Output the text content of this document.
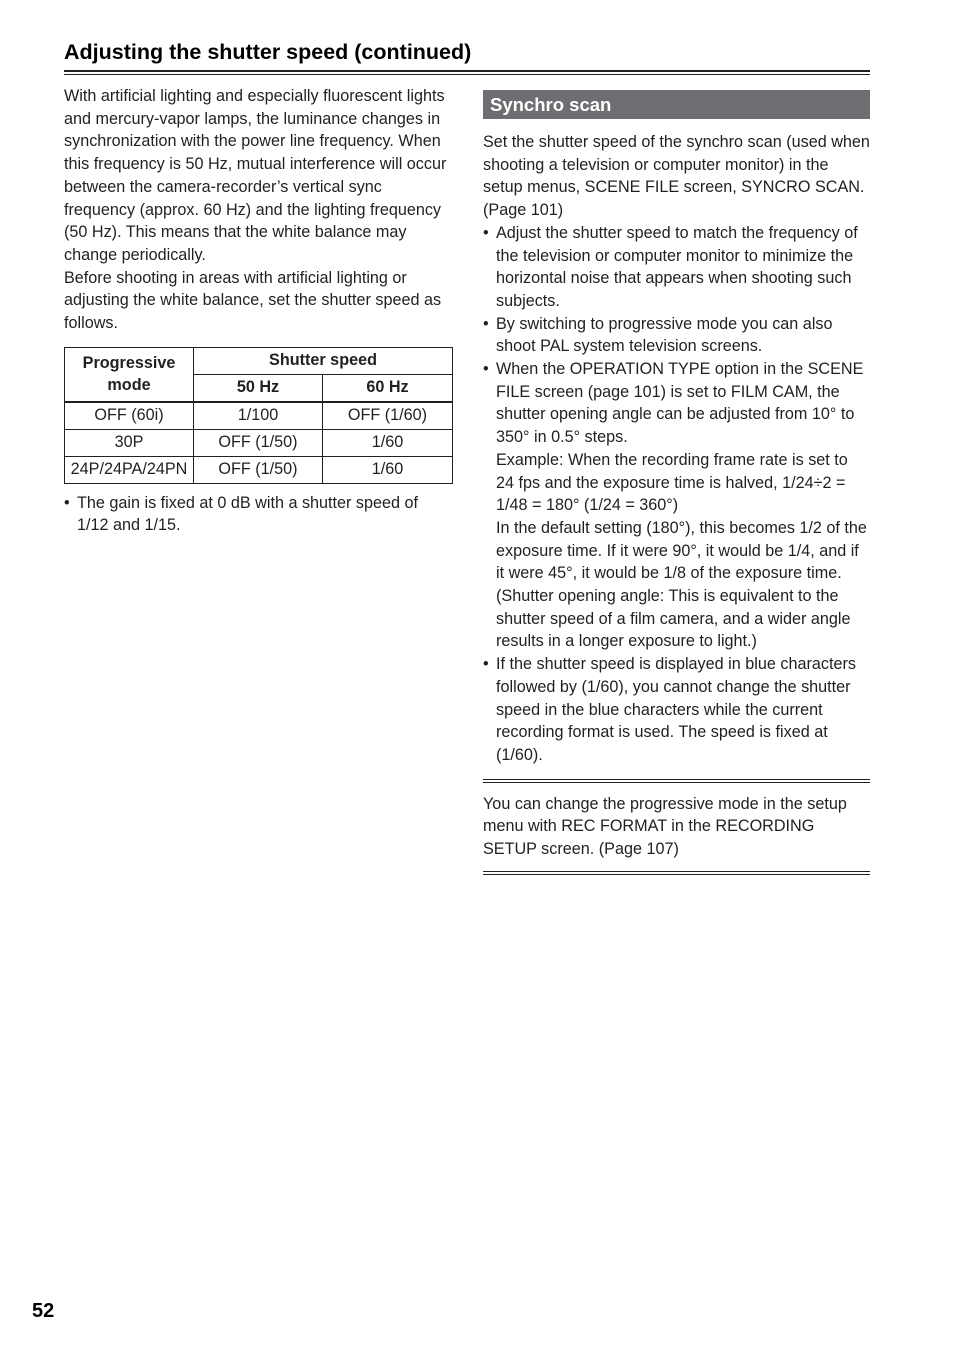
Adjusting the shutter speed (continued)

With artificial lighting and especially fluorescent lights and mercury-vapor lamps, the luminance changes in synchronization with the power line frequency. When this frequency is 50 Hz, mutual interference will occur between the camera-recorder’s vertical sync frequency (approx. 60 Hz) and the lighting frequency (50 Hz). This means that the white balance may change periodically.

Before shooting in areas with artificial lighting or adjusting the white balance, set the shutter speed as follows.

Progressive mode	Shutter speed	
	50 Hz	60 Hz
OFF (60i)	1/100	OFF (1/60)
30P	OFF (1/50)	1/60
24P/24PA/24PN	OFF (1/50)	1/60
• The gain is fixed at 0 dB with a shutter speed of 1/12 and 1/15.
Synchro scan

Set the shutter speed of the synchro scan (used when shooting a television or computer monitor) in the setup menus, SCENE FILE screen, SYNCRO SCAN. (Page 101)

• Adjust the shutter speed to match the frequency of the television or computer monitor to minimize the horizontal noise that appears when shooting such subjects.
• By switching to progressive mode you can also shoot PAL system television screens.
• When the OPERATION TYPE option in the SCENE FILE screen (page 101) is set to FILM CAM, the shutter opening angle can be adjusted from 10° to 350° in 0.5° steps.

Example: When the recording frame rate is set to 24 fps and the exposure time is halved, 1/24÷2 = 1/48 = 180° (1/24 = 360°)

In the default setting (180°), this becomes 1/2 of the exposure time. If it were 90°, it would be 1/4, and if it were 45°, it would be 1/8 of the exposure time.

(Shutter opening angle: This is equivalent to the shutter speed of a film camera, and a wider angle results in a longer exposure to light.)

• If the shutter speed is displayed in blue characters followed by (1/60), you cannot change the shutter speed in the blue characters while the current recording format is used. The speed is fixed at (1/60).

You can change the progressive mode in the setup menu with REC FORMAT in the RECORDING SETUP screen. (Page 107)

52
